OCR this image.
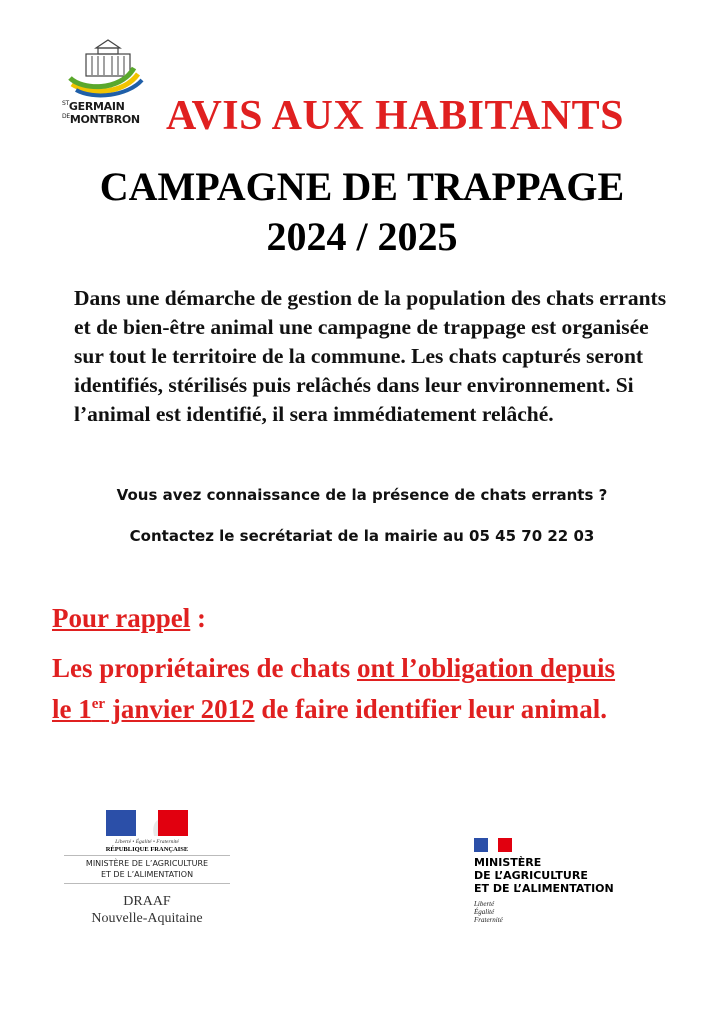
$^{ST}$GERMAIN
$^{DE}$MONTBRON AVIS AUX HABITANTS
CAMPAGNE DE TRAPPAGE
2024 / 2025
Dans une démarche de gestion de la population des chats errants et de bien-être animal une campagne de trappage est organisée sur tout le territoire de la commune. Les chats capturés seront identifiés, stérilisés puis relâchés dans leur environnement. Si l’animal est identifié, il sera immédiatement relâché.
Vous avez connaissance de la présence de chats errants ?
Contactez le secrétariat de la mairie au 05 45 70 22 03
Pour rappel :
Les propriétaires de chats ont l’obligation depuis
le 1er janvier 2012 de faire identifier leur animal.
Liberté • Égalité • Fraternité
RÉPUBLIQUE FRANÇAISE
MINISTÈRE DE L’AGRICULTURE
ET DE L’ALIMENTATION
DRAAF
Nouvelle-Aquitaine
MINISTÈRE
DE L’AGRICULTURE
ET DE L’ALIMENTATION
Liberté
Égalité
Fraternité
